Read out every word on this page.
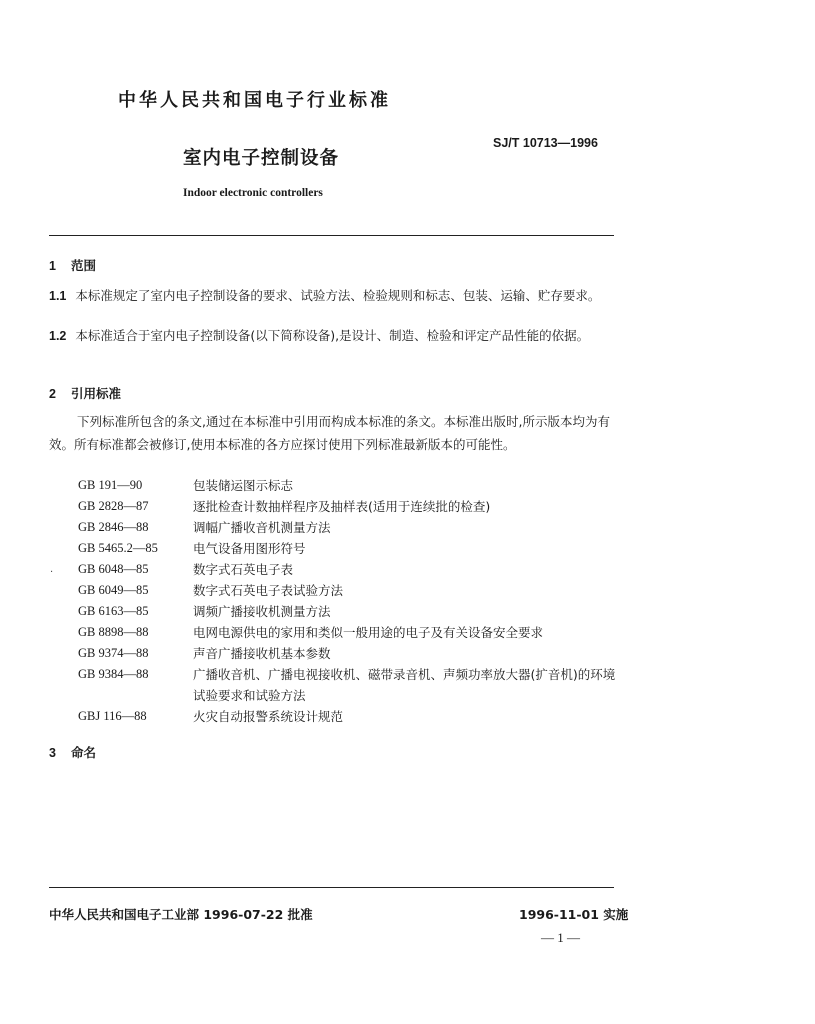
中华人民共和国电子行业标准
SJ/T 10713—1996
室内电子控制设备
Indoor electronic controllers
1 范围
1.1 本标准规定了室内电子控制设备的要求、试验方法、检验规则和标志、包装、运输、贮存要求。
1.2 本标准适合于室内电子控制设备(以下简称设备),是设计、制造、检验和评定产品性能的依据。
2 引用标准
下列标准所包含的条文,通过在本标准中引用而构成本标准的条文。本标准出版时,所示版本均为有效。所有标准都会被修订,使用本标准的各方应探讨使用下列标准最新版本的可能性。
·
GB 191—90	包装储运图示标志
GB 2828—87	逐批检查计数抽样程序及抽样表(适用于连续批的检查)
GB 2846—88	调幅广播收音机测量方法
GB 5465.2—85	电气设备用图形符号
GB 6048—85	数字式石英电子表
GB 6049—85	数字式石英电子表试验方法
GB 6163—85	调频广播接收机测量方法
GB 8898—88	电网电源供电的家用和类似一般用途的电子及有关设备安全要求
GB 9374—88	声音广播接收机基本参数
GB 9384—88	广播收音机、广播电视接收机、磁带录音机、声频功率放大器(扩音机)的环境试验要求和试验方法
GBJ 116—88	火灾自动报警系统设计规范
3 命名
中华人民共和国电子工业部 1996-07-22 批准	1996-11-01 实施
— 1 —
